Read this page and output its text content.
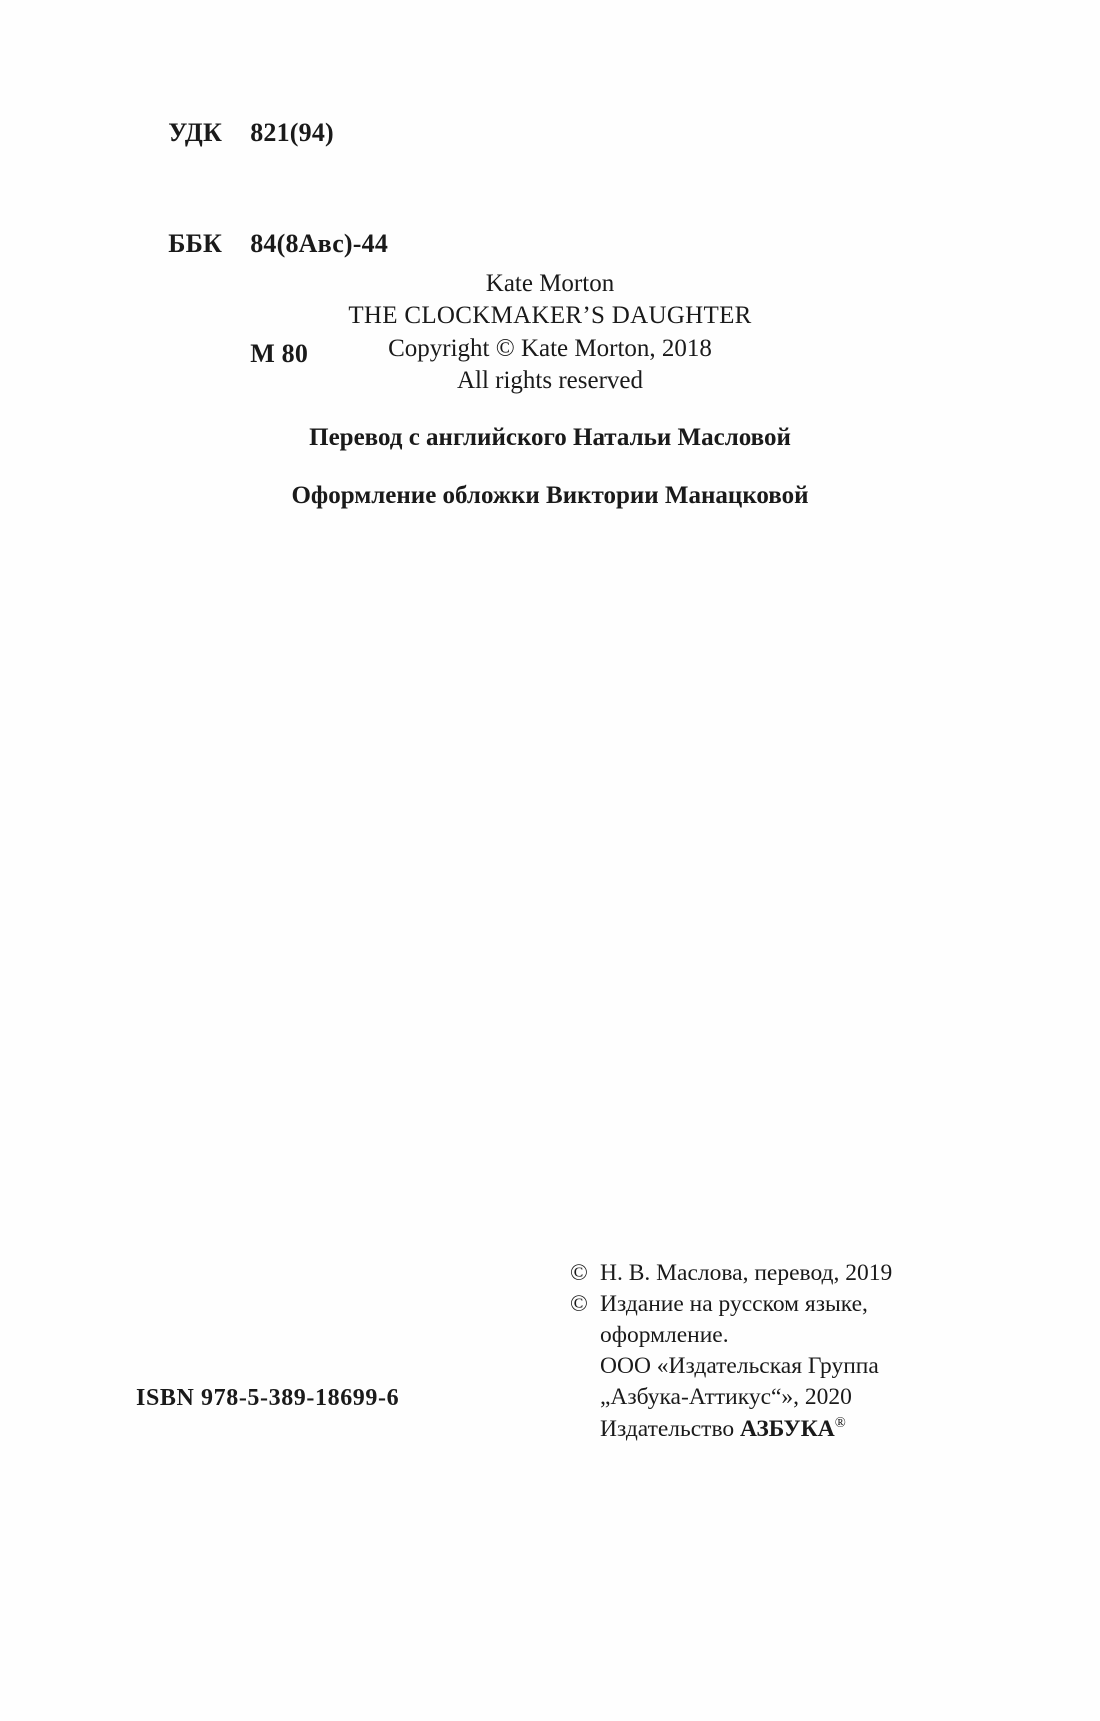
УДК 821(94)

ББК 84(8Авс)-44

М 80

Kate Morton
THE CLOCKMAKER’S DAUGHTER
Copyright © Kate Morton, 2018
All rights reserved
Перевод с английского Натальи Масловой
Оформление обложки Виктории Манацковой
© Н. В. Маслова, перевод, 2019
© Издание на русском языке,
оформление.
ООО «Издательская Группа
„Азбука-Аттикус“», 2020
Издательство АЗБУКА®
ISBN 978-5-389-18699-6
